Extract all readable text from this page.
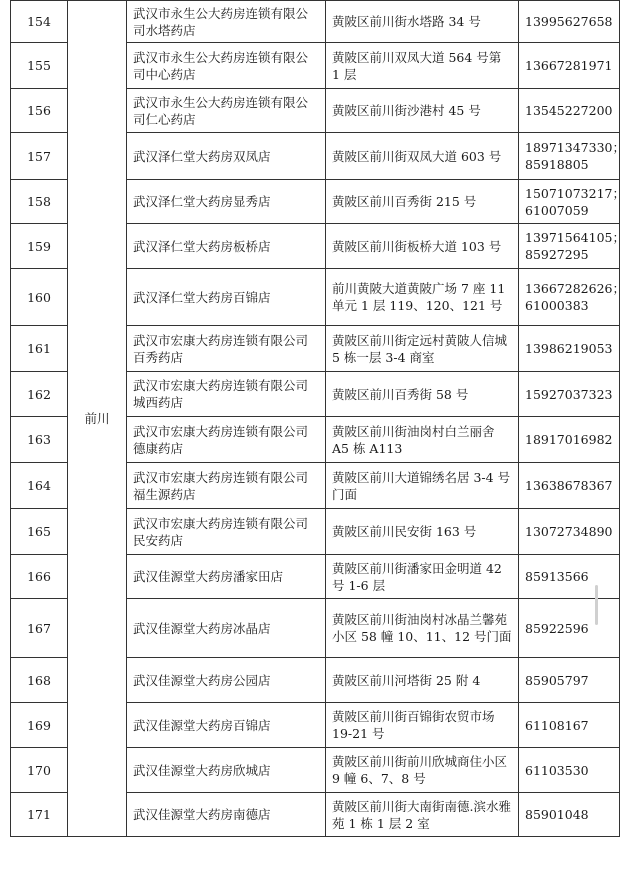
154	前川	武汉市永生公大药房连锁有限公司水塔药店	黄陂区前川街水塔路 34 号	13995627658
155		武汉市永生公大药房连锁有限公司中心药店	黄陂区前川双凤大道 564 号第 1 层	13667281971
156		武汉市永生公大药房连锁有限公司仁心药店	黄陂区前川街沙港村 45 号	13545227200
157		武汉泽仁堂大药房双凤店	黄陂区前川街双凤大道 603 号	18971347330；85918805
158		武汉泽仁堂大药房显秀店	黄陂区前川百秀街 215 号	15071073217；61007059
159		武汉泽仁堂大药房板桥店	黄陂区前川街板桥大道 103 号	13971564105；85927295
160		武汉泽仁堂大药房百锦店	前川黄陂大道黄陂广场 7 座 11 单元 1 层 119、120、121 号	13667282626；61000383
161		武汉市宏康大药房连锁有限公司百秀药店	黄陂区前川街定远村黄陂人信城 5 栋一层 3-4 商室	13986219053
162		武汉市宏康大药房连锁有限公司城西药店	黄陂区前川百秀街 58 号	15927037323
163		武汉市宏康大药房连锁有限公司德康药店	黄陂区前川街油岗村白兰丽舍 A5 栋 A113	18917016982
164		武汉市宏康大药房连锁有限公司福生源药店	黄陂区前川大道锦绣名居 3-4 号门面	13638678367
165		武汉市宏康大药房连锁有限公司民安药店	黄陂区前川民安街 163 号	13072734890
166		武汉佳源堂大药房潘家田店	黄陂区前川街潘家田金明道 42 号 1-6 层	85913566
167		武汉佳源堂大药房冰晶店	黄陂区前川街油岗村冰晶兰馨苑小区 58 幢 10、11、12 号门面	85922596
168		武汉佳源堂大药房公园店	黄陂区前川河塔街 25 附 4	85905797
169		武汉佳源堂大药房百锦店	黄陂区前川街百锦街农贸市场 19-21 号	61108167
170		武汉佳源堂大药房欣城店	黄陂区前川街前川欣城商住小区 9 幢 6、7、8 号	61103530
171		武汉佳源堂大药房南德店	黄陂区前川街大南街南德.滨水雅苑 1 栋 1 层 2 室	85901048
